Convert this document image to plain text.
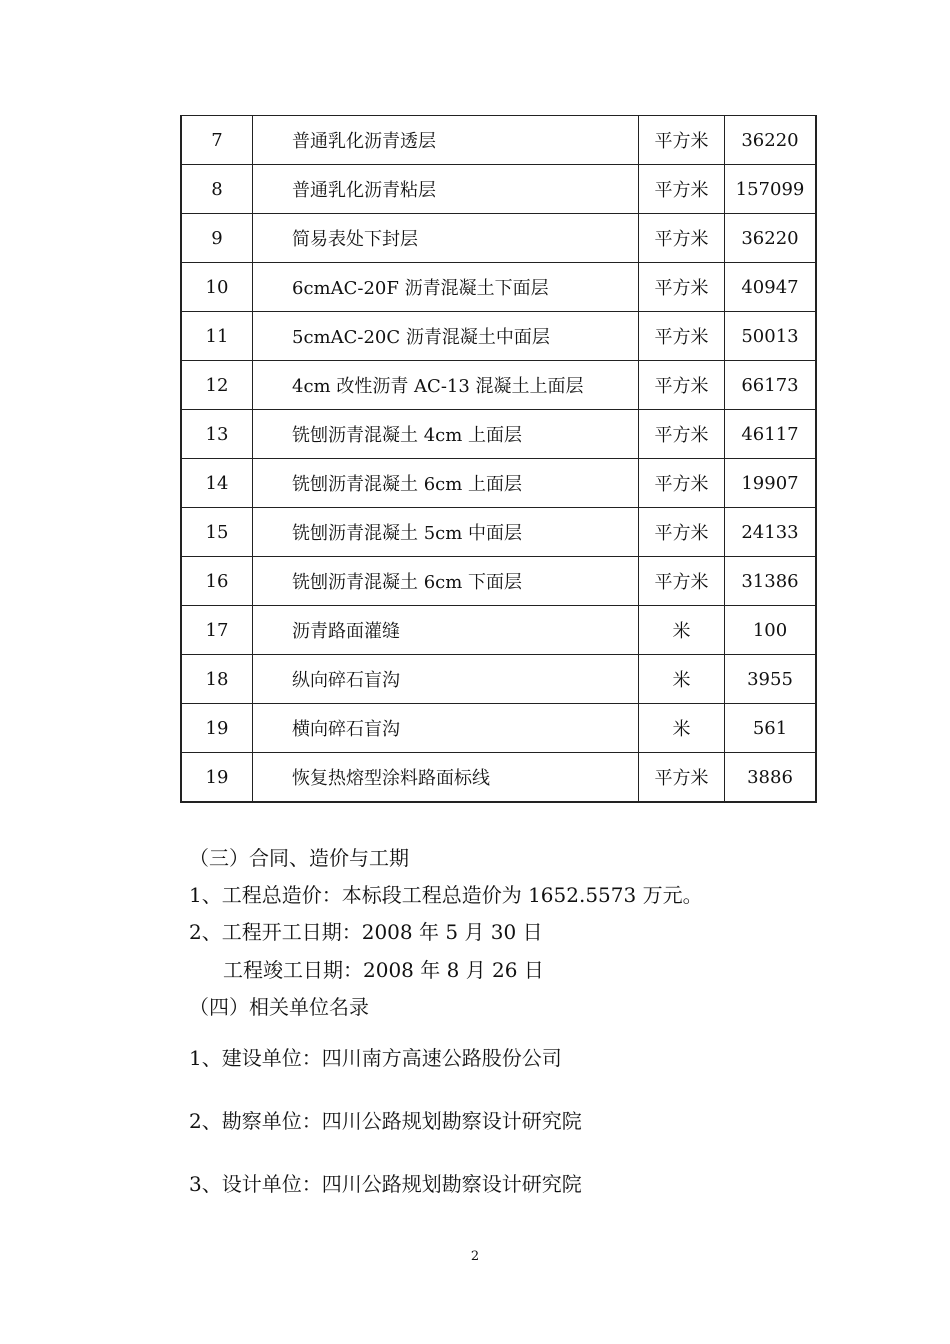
7	普通乳化沥青透层	平方米	36220
8	普通乳化沥青粘层	平方米	157099
9	简易表处下封层	平方米	36220
10	6cmAC-20F 沥青混凝土下面层	平方米	40947
11	5cmAC-20C 沥青混凝土中面层	平方米	50013
12	4cm 改性沥青 AC-13 混凝土上面层	平方米	66173
13	铣刨沥青混凝土 4cm 上面层	平方米	46117
14	铣刨沥青混凝土 6cm 上面层	平方米	19907
15	铣刨沥青混凝土 5cm 中面层	平方米	24133
16	铣刨沥青混凝土 6cm 下面层	平方米	31386
17	沥青路面灌缝	米	100
18	纵向碎石盲沟	米	3955
19	横向碎石盲沟	米	561
19	恢复热熔型涂料路面标线	平方米	3886
（三）合同、造价与工期
1、工程总造价：本标段工程总造价为 1652.5573 万元。
2、工程开工日期：2008 年 5 月 30 日
工程竣工日期：2008 年 8 月 26 日
（四）相关单位名录
1、建设单位：四川南方高速公路股份公司
2、勘察单位：四川公路规划勘察设计研究院
3、设计单位：四川公路规划勘察设计研究院
2
